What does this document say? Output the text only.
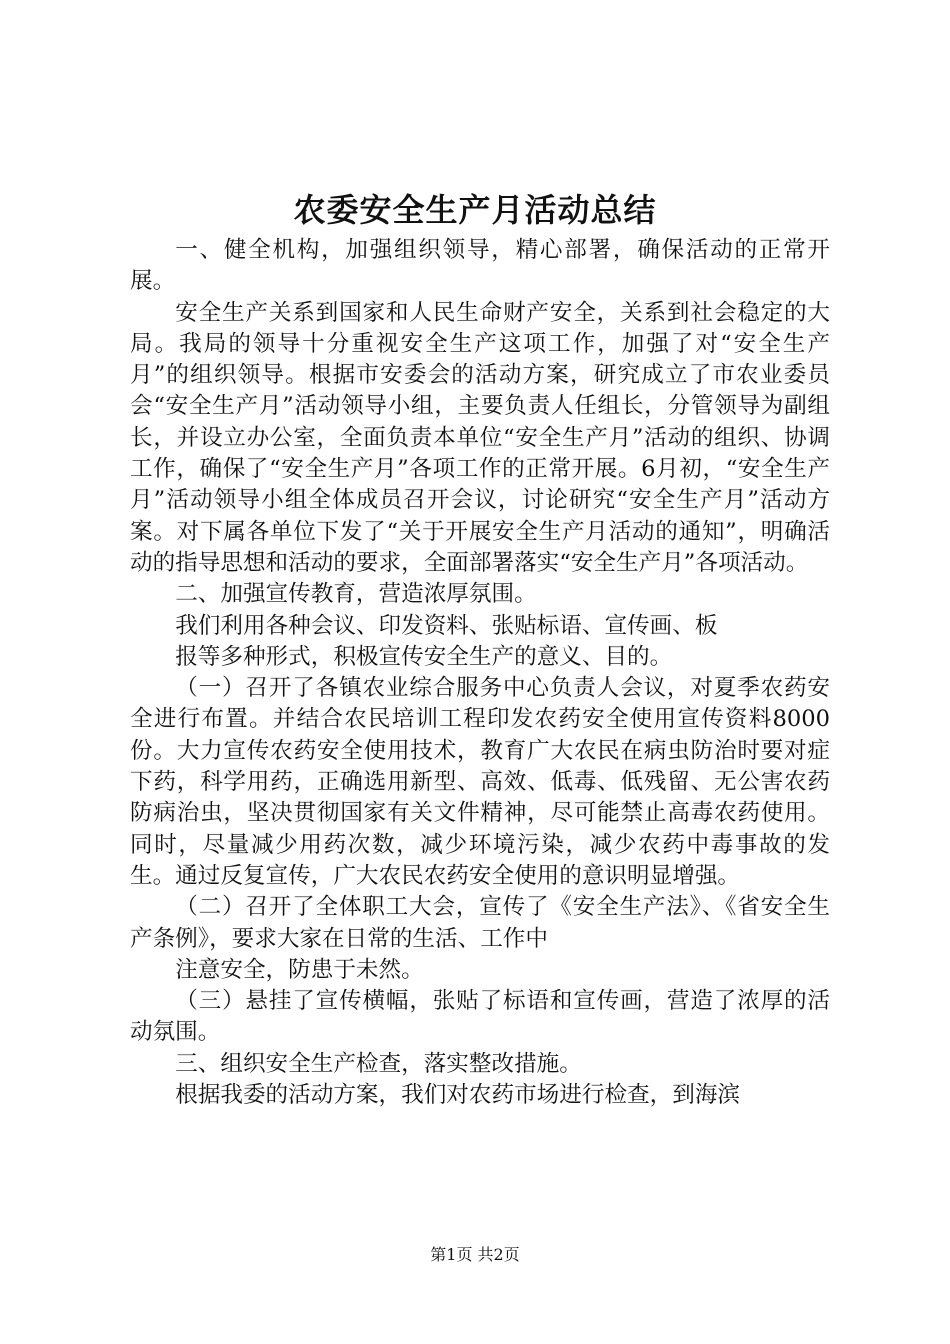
农委安全生产月活动总结

一、健全机构，加强组织领导，精心部署，确保活动的正常开展。

安全生产关系到国家和人民生命财产安全，关系到社会稳定的大局。我局的领导十分重视安全生产这项工作，加强了对“安全生产月”的组织领导。根据市安委会的活动方案，研究成立了市农业委员会“安全生产月”活动领导小组，主要负责人任组长，分管领导为副组长，并设立办公室，全面负责本单位“安全生产月”活动的组织、协调工作，确保了“安全生产月”各项工作的正常开展。6月初，“安全生产月”活动领导小组全体成员召开会议，讨论研究“安全生产月”活动方案。对下属各单位下发了“关于开展安全生产月活动的通知”，明确活动的指导思想和活动的要求，全面部署落实“安全生产月”各项活动。

二、加强宣传教育，营造浓厚氛围。

我们利用各种会议、印发资料、张贴标语、宣传画、板

报等多种形式，积极宣传安全生产的意义、目的。

（一）召开了各镇农业综合服务中心负责人会议，对夏季农药安全进行布置。并结合农民培训工程印发农药安全使用宣传资料8000份。大力宣传农药安全使用技术，教育广大农民在病虫防治时要对症下药，科学用药，正确选用新型、高效、低毒、低残留、无公害农药防病治虫，坚决贯彻国家有关文件精神，尽可能禁止高毒农药使用。同时，尽量减少用药次数，减少环境污染，减少农药中毒事故的发生。通过反复宣传，广大农民农药安全使用的意识明显增强。

（二）召开了全体职工大会，宣传了《安全生产法》、《省安全生产条例》，要求大家在日常的生活、工作中

注意安全，防患于未然。

（三）悬挂了宣传横幅，张贴了标语和宣传画，营造了浓厚的活动氛围。

三、组织安全生产检查，落实整改措施。

根据我委的活动方案，我们对农药市场进行检查，到海滨

第1页 共2页
